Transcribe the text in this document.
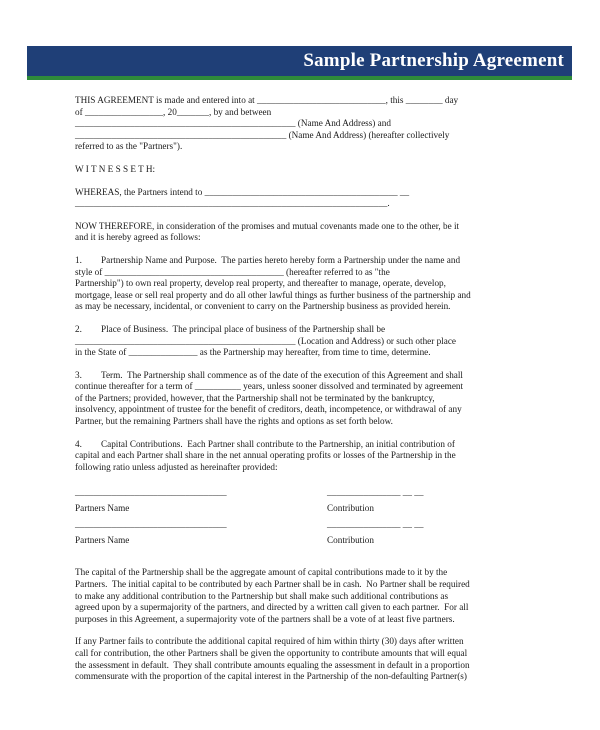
Sample Partnership Agreement

THIS AGREEMENT is made and entered into at ____________________________, this ________ day
of _________________, 20_______, by and between
________________________________________________ (Name And Address) and
______________________________________________ (Name And Address) (hereafter collectively
referred to as the "Partners").

W I T N E S S E T H:

WHEREAS, the Partners intend to __________________________________________ __
____________________________________________________________________.

NOW THEREFORE, in consideration of the promises and mutual covenants made one to the other, be it
and it is hereby agreed as follows:

1. Partnership Name and Purpose.  The parties hereto hereby form a Partnership under the name and
style of _______________________________________ (hereafter referred to as "the
Partnership") to own real property, develop real property, and thereafter to manage, operate, develop,
mortgage, lease or sell real property and do all other lawful things as further business of the partnership and
as may be necessary, incidental, or convenient to carry on the Partnership business as provided herein.

2. Place of Business.  The principal place of business of the Partnership shall be
________________________________________________ (Location and Address) or such other place
in the State of _______________ as the Partnership may hereafter, from time to time, determine.

3. Term.  The Partnership shall commence as of the date of the execution of this Agreement and shall
continue thereafter for a term of __________ years, unless sooner dissolved and terminated by agreement
of the Partners; provided, however, that the Partnership shall not be terminated by the bankruptcy,
insolvency, appointment of trustee for the benefit of creditors, death, incompetence, or withdrawal of any
Partner, but the remaining Partners shall have the rights and options as set forth below.

4. Capital Contributions.  Each Partner shall contribute to the Partnership, an initial contribution of
capital and each Partner shall share in the net annual operating profits or losses of the Partnership in the
following ratio unless adjusted as hereinafter provided:

_________________________________
Partners Name
________________ __ __
Contribution
_________________________________
Partners Name
________________ __ __
Contribution

The capital of the Partnership shall be the aggregate amount of capital contributions made to it by the
Partners.  The initial capital to be contributed by each Partner shall be in cash.  No Partner shall be required
to make any additional contribution to the Partnership but shall make such additional contributions as
agreed upon by a supermajority of the partners, and directed by a written call given to each partner.  For all
purposes in this Agreement, a supermajority vote of the partners shall be a vote of at least five partners.

If any Partner fails to contribute the additional capital required of him within thirty (30) days after written
call for contribution, the other Partners shall be given the opportunity to contribute amounts that will equal
the assessment in default.  They shall contribute amounts equaling the assessment in default in a proportion
commensurate with the proportion of the capital interest in the Partnership of the non-defaulting Partner(s)
